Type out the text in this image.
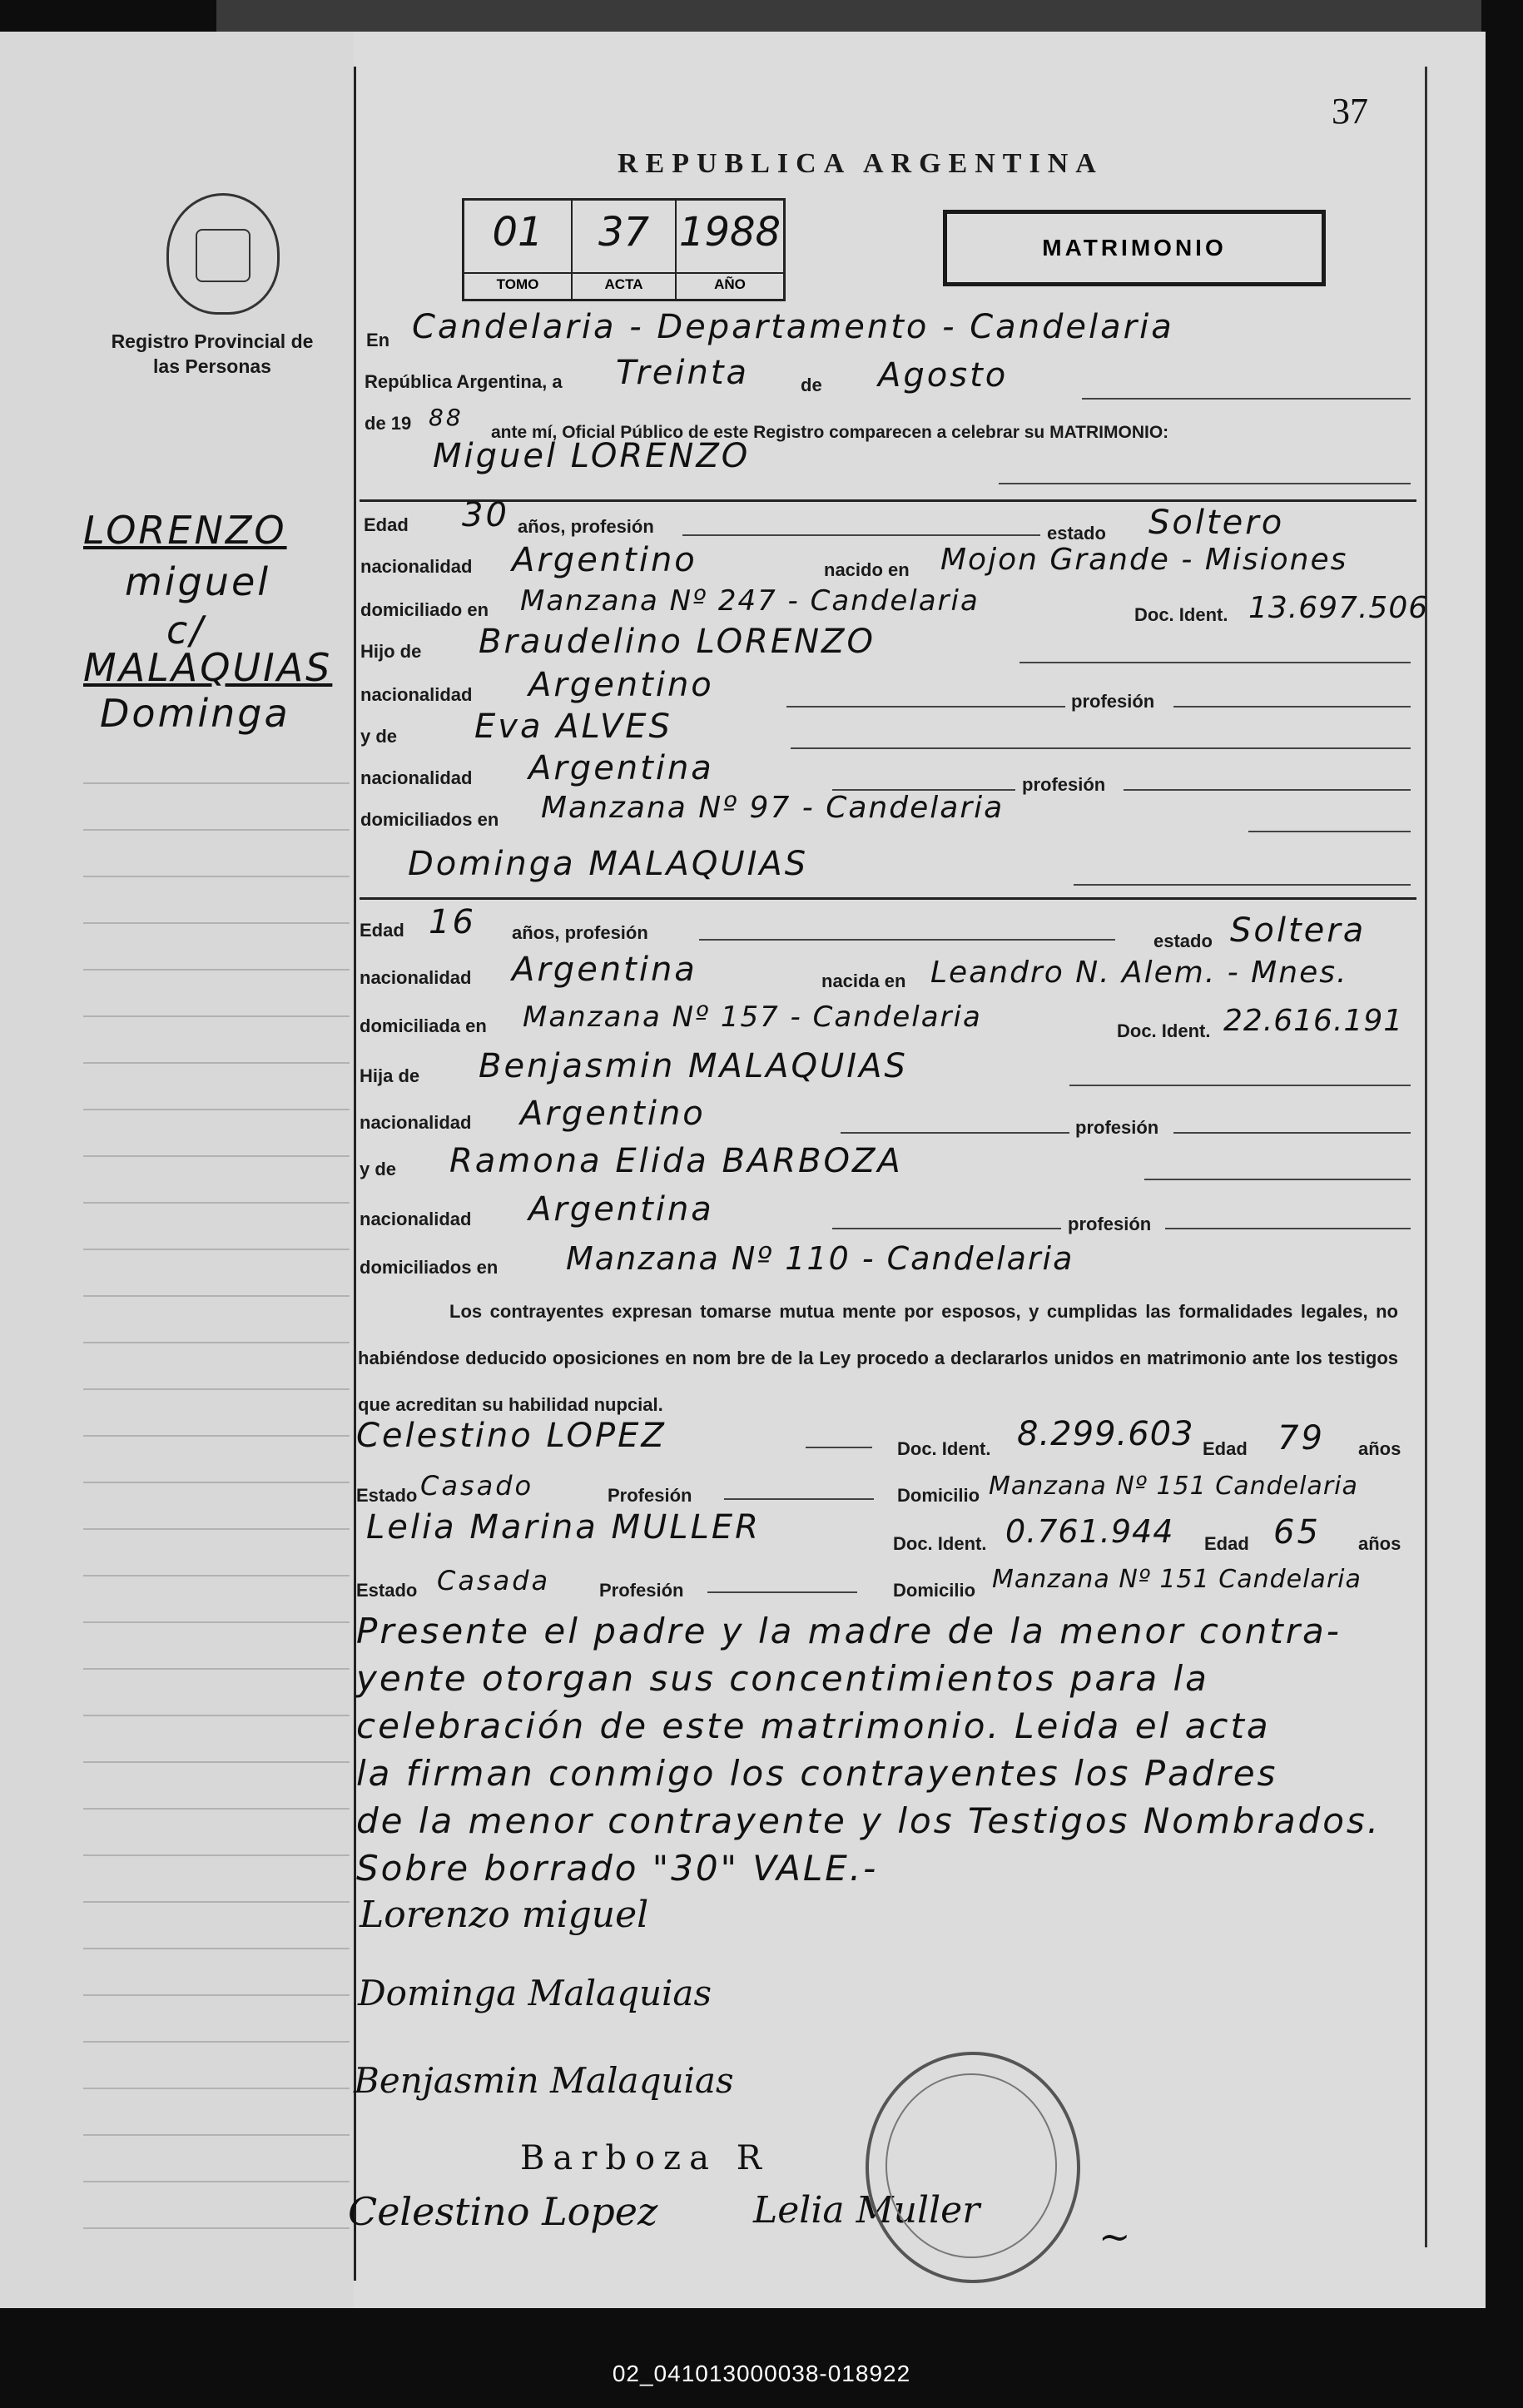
Registro Provincial de las Personas
LORENZO
miguel
c/
MALAQUIAS
Dominga
37
REPUBLICA ARGENTINA
01
TOMO
37
ACTA
1988
AÑO
MATRIMONIO
En Candelaria - Departamento - Candelaria
República Argentina, a Treinta	de Agosto
de 19 88
ante mí, Oficial Público de este Registro comparecen a celebrar su MATRIMONIO:
Miguel LORENZO
Edad 30 años, profesión	estado Soltero
nacionalidad Argentino	nacido en Mojon Grande - Misiones
domiciliado en Manzana Nº 247 - Candelaria	Doc. Ident. 13.697.506
Hijo de Braudelino LORENZO
nacionalidad Argentino	profesión
y de Eva ALVES
nacionalidad Argentina	profesión
domiciliados en Manzana Nº 97 - Candelaria
Dominga MALAQUIAS
Edad 16 años, profesión	estado Soltera
nacionalidad Argentina	nacida en Leandro N. Alem. - Mnes.
domiciliada en Manzana Nº 157 - Candelaria	Doc. Ident. 22.616.191
Hija de Benjasmin MALAQUIAS
nacionalidad Argentino	profesión
y de Ramona Elida BARBOZA
nacionalidad Argentina	profesión
domiciliados en Manzana Nº 110 - Candelaria
Los contrayentes expresan tomarse mutua mente por esposos, y cumplidas las formalidades legales, no habiéndose deducido oposiciones en nom bre de la Ley procedo a declararlos unidos en matrimonio ante los testigos que acreditan su habilidad nupcial.
Celestino LOPEZ	Doc. Ident. 8.299.603 Edad 79 años
Estado Casado	Profesión	Domicilio Manzana Nº 151 Candelaria
Lelia Marina MULLER	Doc. Ident. 0.761.944 Edad 65 años
Estado Casada	Profesión	Domicilio Manzana Nº 151 Candelaria
Presente el padre y la madre de la menor contra-
yente otorgan sus concentimientos para la
celebración de este matrimonio. Leida el acta
la firman conmigo los contrayentes los Padres
de la menor contrayente y los Testigos Nombrados.
Sobre borrado "30" VALE.-
Lorenzo miguel
Dominga Malaquias
Benjasmin Malaquias
Barboza R
Celestino Lopez	Lelia Muller
~
02_041013000038-018922
